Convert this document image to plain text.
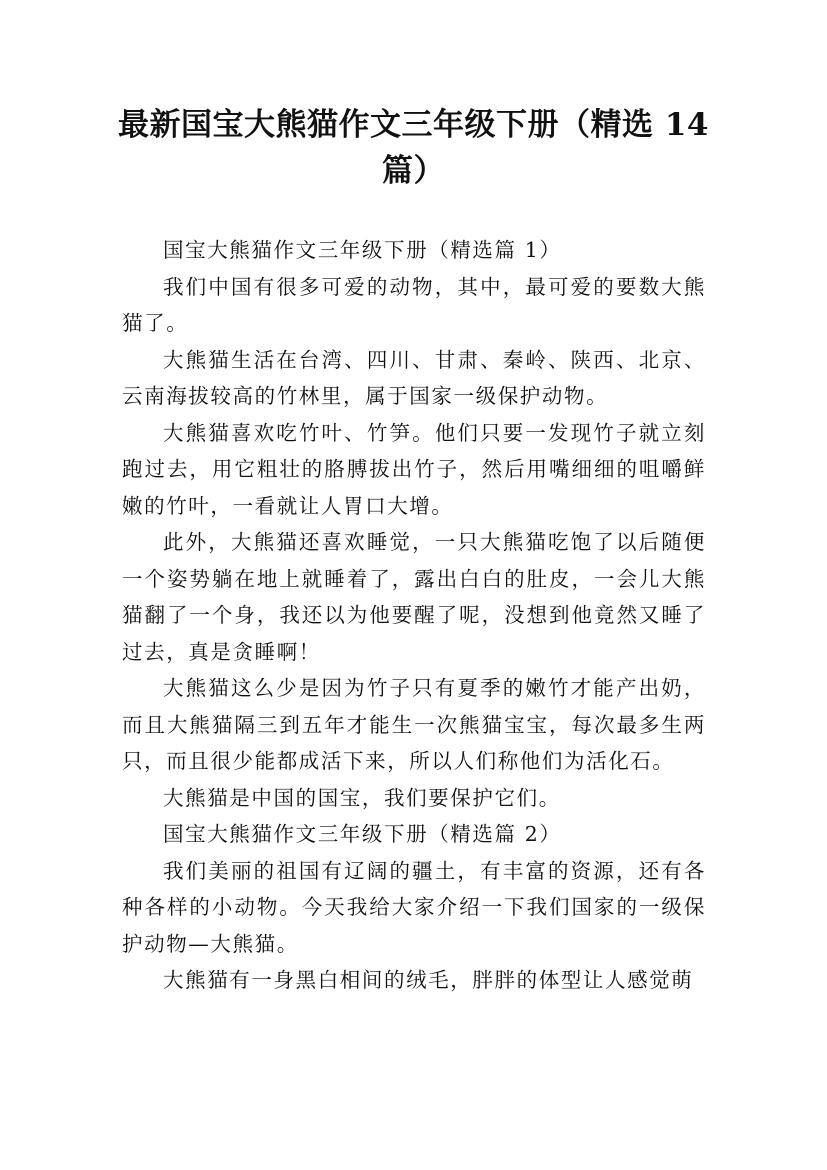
最新国宝大熊猫作文三年级下册（精选 14 篇）

国宝大熊猫作文三年级下册（精选篇 1）

我们中国有很多可爱的动物，其中，最可爱的要数大熊猫了。

大熊猫生活在台湾、四川、甘肃、秦岭、陕西、北京、云南海拔较高的竹林里，属于国家一级保护动物。

大熊猫喜欢吃竹叶、竹笋。他们只要一发现竹子就立刻跑过去，用它粗壮的胳膊拔出竹子，然后用嘴细细的咀嚼鲜嫩的竹叶，一看就让人胃口大增。

此外，大熊猫还喜欢睡觉，一只大熊猫吃饱了以后随便一个姿势躺在地上就睡着了，露出白白的肚皮，一会儿大熊猫翻了一个身，我还以为他要醒了呢，没想到他竟然又睡了过去，真是贪睡啊！

大熊猫这么少是因为竹子只有夏季的嫩竹才能产出奶，而且大熊猫隔三到五年才能生一次熊猫宝宝，每次最多生两只，而且很少能都成活下来，所以人们称他们为活化石。

大熊猫是中国的国宝，我们要保护它们。

国宝大熊猫作文三年级下册（精选篇 2）

我们美丽的祖国有辽阔的疆土，有丰富的资源，还有各种各样的小动物。今天我给大家介绍一下我们国家的一级保护动物—大熊猫。

大熊猫有一身黑白相间的绒毛，胖胖的体型让人感觉萌
